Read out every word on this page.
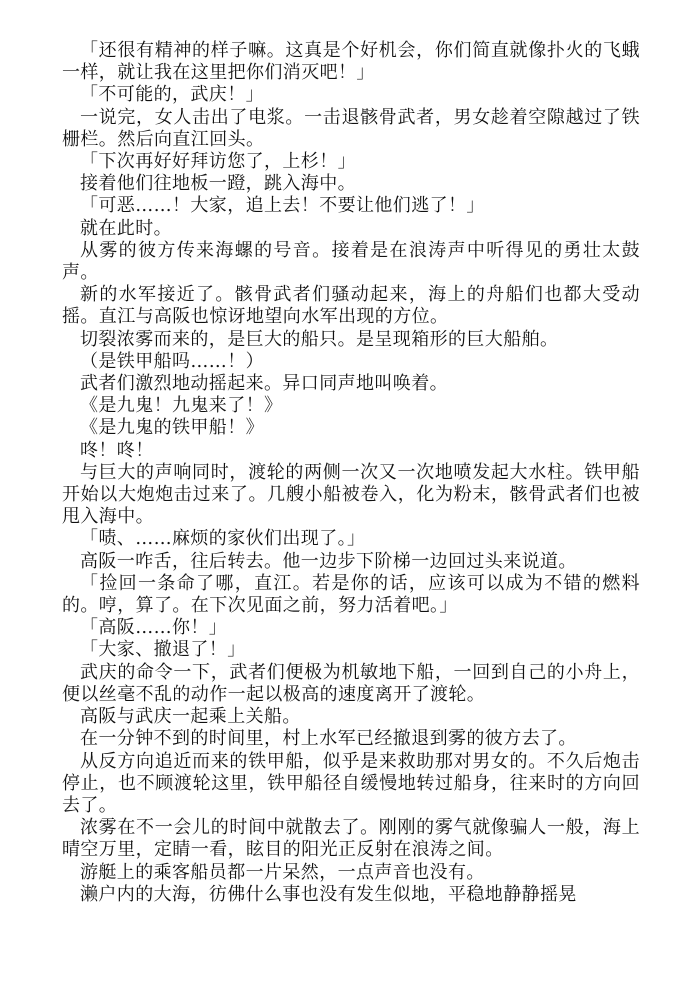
「还很有精神的样子嘛。这真是个好机会，你们简直就像扑火的飞蛾一样，就让我在这里把你们消灭吧！」

「不可能的，武庆！」

一说完，女人击出了电浆。一击退骸骨武者，男女趁着空隙越过了铁栅栏。然后向直江回头。

「下次再好好拜访您了，上杉！」

接着他们往地板一蹬，跳入海中。

「可恶……！大家，追上去！不要让他们逃了！」

就在此时。

从雾的彼方传来海螺的号音。接着是在浪涛声中听得见的勇壮太鼓声。

新的水军接近了。骸骨武者们骚动起来，海上的舟船们也都大受动摇。直江与高阪也惊讶地望向水军出现的方位。

切裂浓雾而来的，是巨大的船只。是呈现箱形的巨大船舶。

（是铁甲船吗……！）

武者们激烈地动摇起来。异口同声地叫唤着。

《是九鬼！九鬼来了！》

《是九鬼的铁甲船！》

咚！咚！

与巨大的声响同时，渡轮的两侧一次又一次地喷发起大水柱。铁甲船开始以大炮炮击过来了。几艘小船被卷入，化为粉末，骸骨武者们也被甩入海中。

「啧、……麻烦的家伙们出现了。」

高阪一咋舌，往后转去。他一边步下阶梯一边回过头来说道。

「捡回一条命了哪，直江。若是你的话，应该可以成为不错的燃料的。哼，算了。在下次见面之前，努力活着吧。」

「高阪……你！」

「大家、撤退了！」

武庆的命令一下，武者们便极为机敏地下船，一回到自己的小舟上，便以丝毫不乱的动作一起以极高的速度离开了渡轮。

高阪与武庆一起乘上关船。

在一分钟不到的时间里，村上水军已经撤退到雾的彼方去了。

从反方向追近而来的铁甲船，似乎是来救助那对男女的。不久后炮击停止，也不顾渡轮这里，铁甲船径自缓慢地转过船身，往来时的方向回去了。

浓雾在不一会儿的时间中就散去了。刚刚的雾气就像骗人一般，海上晴空万里，定睛一看，眩目的阳光正反射在浪涛之间。

游艇上的乘客船员都一片呆然，一点声音也没有。

濑户内的大海，彷佛什么事也没有发生似地，平稳地静静摇晃
